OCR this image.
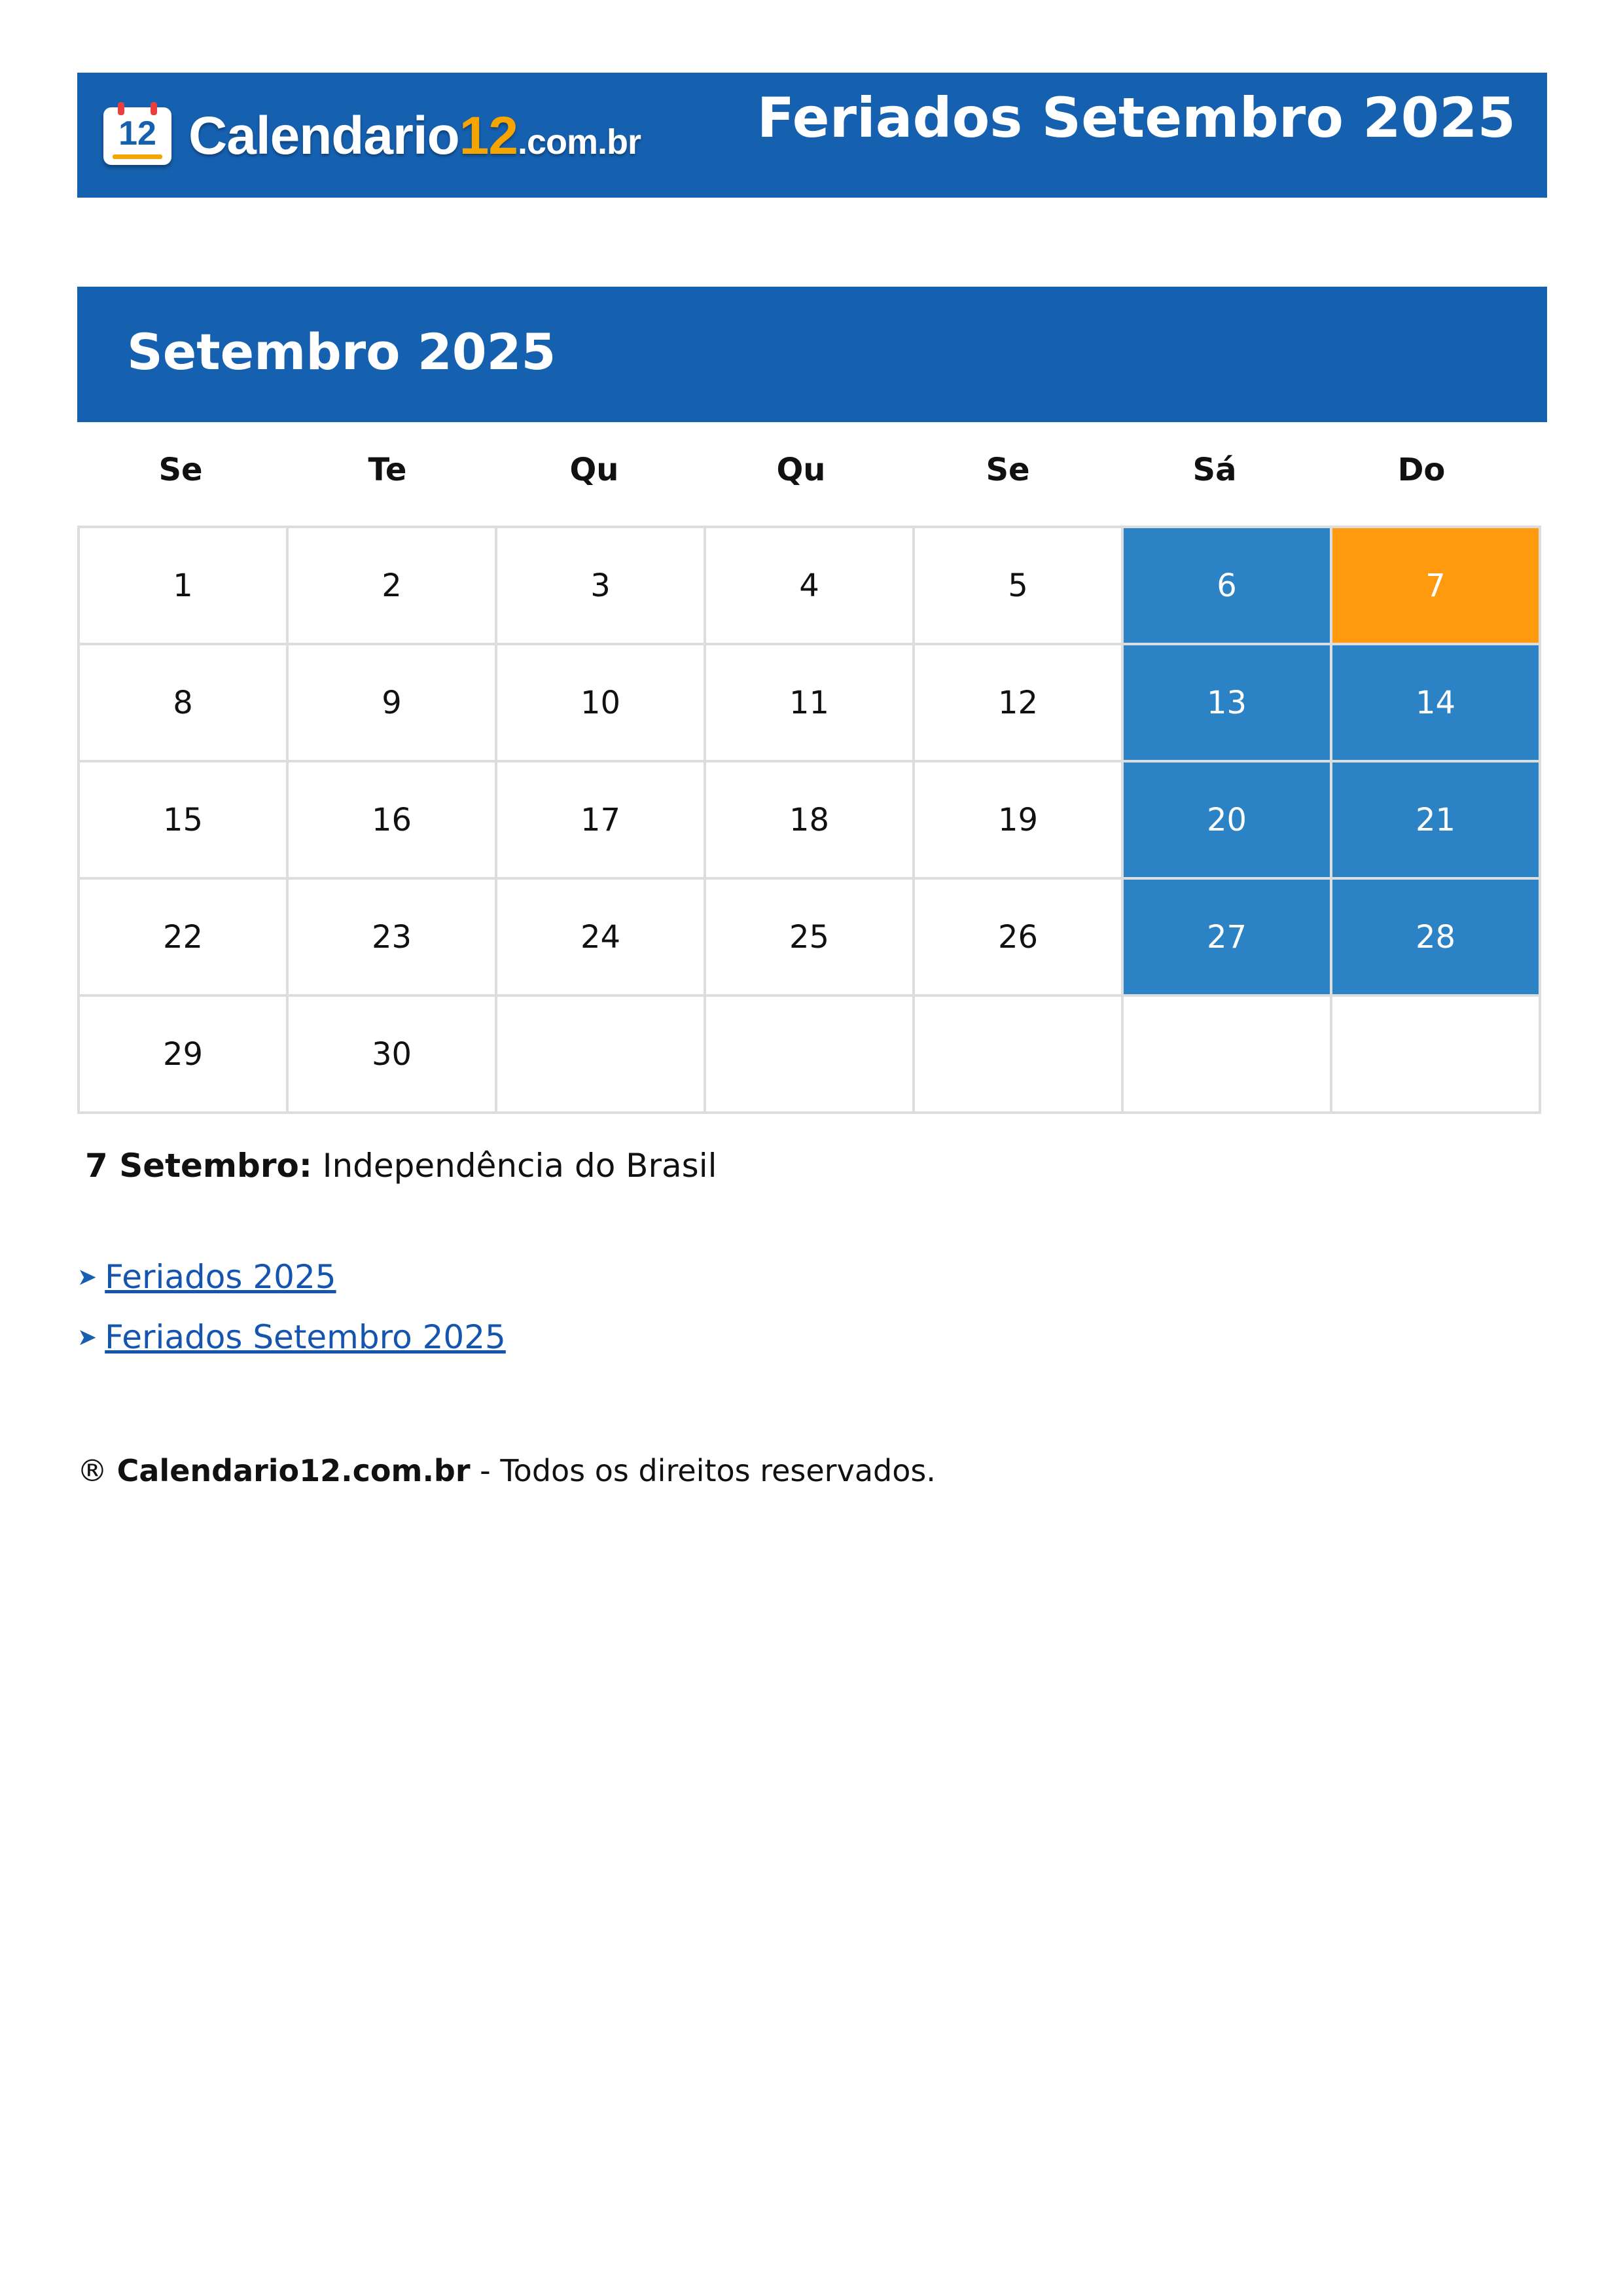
12 Calendario12.com.br Feriados Setembro 2025
Setembro 2025
Se	Te	Qu	Qu	Se	Sá	Do
1	2	3	4	5	6	7
8	9	10	11	12	13	14
15	16	17	18	19	20	21
22	23	24	25	26	27	28
29	30					
7 Setembro: Independência do Brasil
➤ Feriados 2025
➤ Feriados Setembro 2025
® Calendario12.com.br - Todos os direitos reservados.
